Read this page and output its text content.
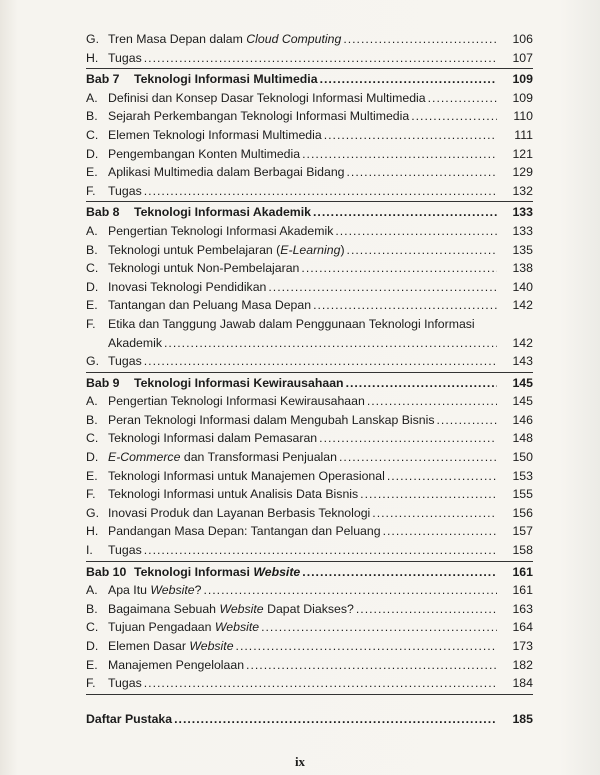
G. Tren Masa Depan dalam Cloud Computing .....	106
H. Tugas .....	107
Bab 7	Teknologi Informasi Multimedia .....	109
A. Definisi dan Konsep Dasar Teknologi Informasi Multimedia .....	109
B. Sejarah Perkembangan Teknologi Informasi Multimedia .....	110
C. Elemen Teknologi Informasi Multimedia .....	111
D. Pengembangan Konten Multimedia .....	121
E. Aplikasi Multimedia dalam Berbagai Bidang .....	129
F.	Tugas .....	132
Bab 8	Teknologi Informasi Akademik .....	133
A. Pengertian Teknologi Informasi Akademik .....	133
B. Teknologi untuk Pembelajaran (E-Learning) .....	135
C. Teknologi untuk Non-Pembelajaran .....	138
D. Inovasi Teknologi Pendidikan .....	140
E. Tantangan dan Peluang Masa Depan .....	142
F.	Etika dan Tanggung Jawab dalam Penggunaan Teknologi Informasi
Akademik .....	142
G. Tugas .....	143
Bab 9	Teknologi Informasi Kewirausahaan .....	145
A. Pengertian Teknologi Informasi Kewirausahaan .....	145
B. Peran Teknologi Informasi dalam Mengubah Lanskap Bisnis .....	146
C. Teknologi Informasi dalam Pemasaran .....	148
D. E-Commerce dan Transformasi Penjualan .....	150
E. Teknologi Informasi untuk Manajemen Operasional .....	153
F.	Teknologi Informasi untuk Analisis Data Bisnis .....	155
G. Inovasi Produk dan Layanan Berbasis Teknologi .....	156
H. Pandangan Masa Depan: Tantangan dan Peluang .....	157
I.	Tugas .....	158
Bab 10 Teknologi Informasi Website .....	161
A. Apa Itu Website? .....	161
B. Bagaimana Sebuah Website Dapat Diakses? .....	163
C. Tujuan Pengadaan Website .....	164
D. Elemen Dasar Website .....	173
E. Manajemen Pengelolaan .....	182
F.	Tugas .....	184
Daftar Pustaka .....	185
ix
